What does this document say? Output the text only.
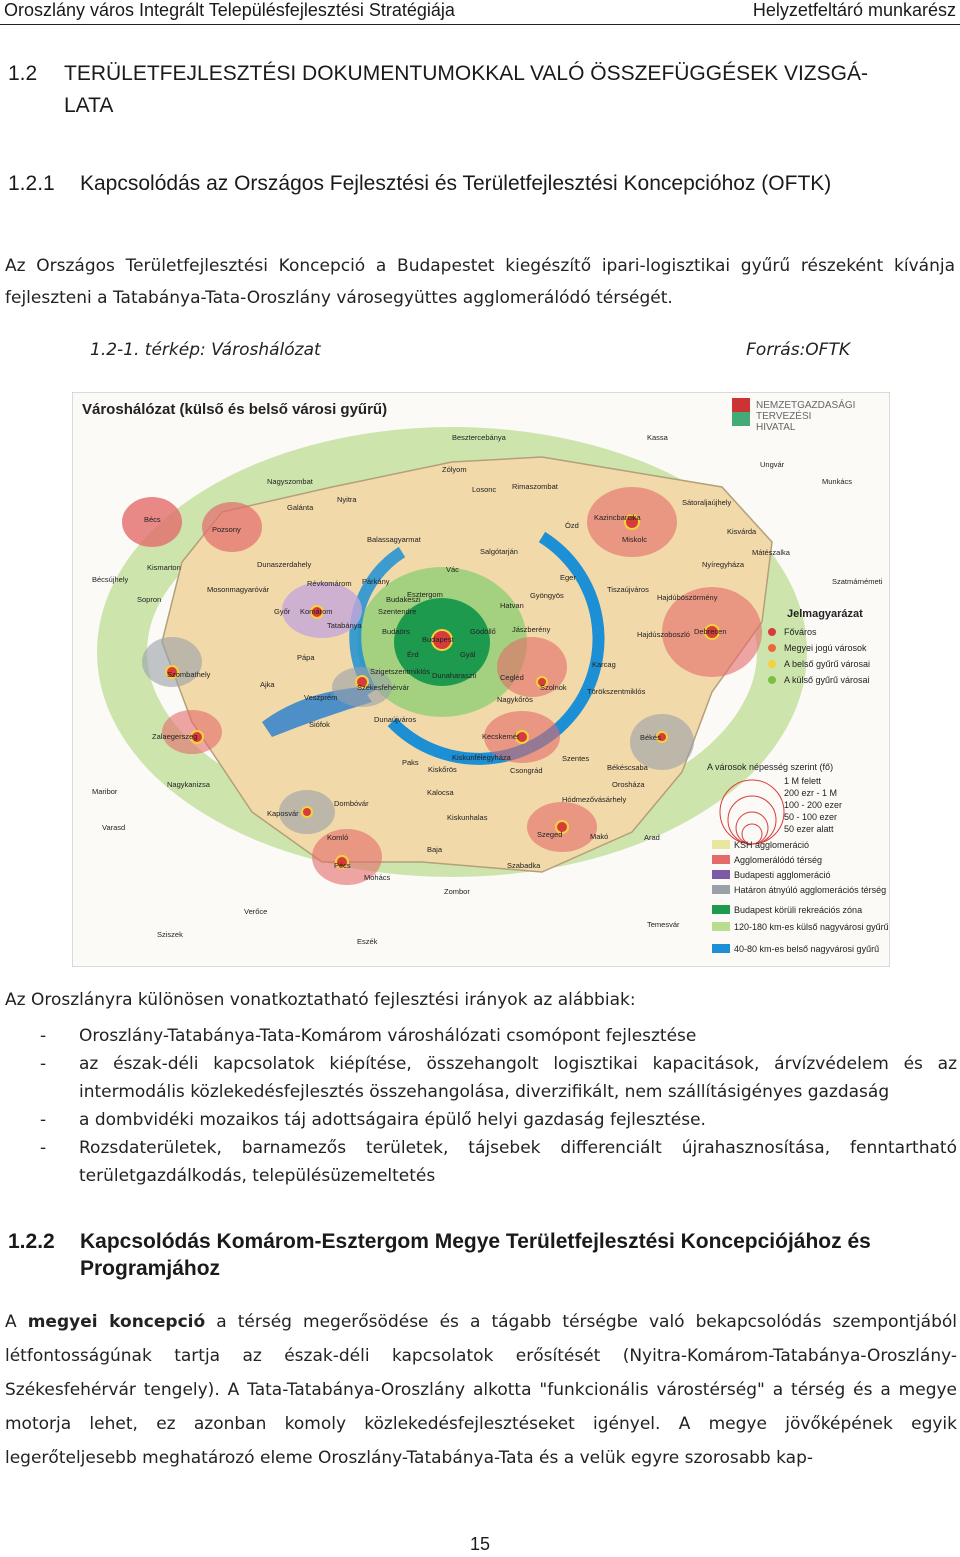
Oroszlány város Integrált Településfejlesztési Stratégiája	Helyzetfeltáró munkarész
1.2 TERÜLETFEJLESZTÉSI DOKUMENTUMOKKAL VALÓ ÖSSZEFÜGGÉSEK VIZSGÁ-
LATA
1.2.1 Kapcsolódás az Országos Fejlesztési és Területfejlesztési Koncepcióhoz (OFTK)
Az Országos Területfejlesztési Koncepció a Budapestet kiegészítő ipari-logisztikai gyűrű részeként kívánja fejleszteni a Tatabánya-Tata-Oroszlány városegyüttes agglomerálódó térségét.
1.2-1. térkép: Városhálózat	Forrás:OFTK
Városhálózat (külső és belső városi gyűrű)	NEMZETGAZDASÁGI
TERVEZÉSI
HIVATAL
Jelmagyarázat
Főváros
Megyei jogú városok
A belső gyűrű városai
A külső gyűrű városai
A városok népesség szerint (fő)
1 M felett
200 ezr - 1 M
100 - 200 ezer
50 - 100 ezer
50 ezer alatt
KSH agglomeráció
Agglomerálódó térség
Budapesti agglomeráció
Határon átnyúló agglomerációs térség
Budapest körüli rekreációs zóna
120-180 km-es külső nagyvárosi gyűrű
40-80 km-es belső nagyvárosi gyűrű
Besztercebánya	Kassa
Zólyom
Ungvár
Munkács
Nagyszombat
Nyitra
Losonc Rimaszombat
Sátoraljaújhely
Bécs
Pozsony
Galánta
Balassagyarmat
Ózd
Kazincbarcika
Miskolc
Kisvárda
Mátészalka
Bécsújhely
Kismarton	Dunaszerdahely
Salgótarján
Eger
Nyíregyháza
Szatmárnémeti
Sopron
Mosonmagyaróvár
Révkomárom Párkány
Vác
Gyöngyös
Tiszaújváros
Hajdúböszörmény
Esztergom
Győr Komárom
Tatabánya
Szentendre
Hatvan
Budakeszi
Debrecen
Pápa
Budaörs
Budapest
Gödöllő Jászberény
Hajdúszoboszló
Szombathely
Érd	Gyál
Ajka
Veszprém
Székesfehérvár
Szigetszentmiklós Dunaharaszti	Cegléd
Szolnok
Karcag
Nagykőrös
Törökszentmiklós
Dunaújváros
Zalaegerszeg
Siófok
Kecskemét	Békés
Paks
Kiskunfélegyháza	Szentes
Békéscsaba
Kiskőrös	Csongrád
Orosháza
Maribor
Nagykanizsa
Kalocsa
Hódmezővásárhely
Kiskunhalas
Dombóvár
Kaposvár
Varasd
Komló	Szeged	Makó	Arad
Baja
Pécs	Szabadka
Mohács
Zombor
Verőce
Temesvár
Sziszek
Eszék
Az Oroszlányra különösen vonatkoztatható fejlesztési irányok az alábbiak:
- Oroszlány-Tatabánya-Tata-Komárom városhálózati csomópont fejlesztése
- az észak-déli kapcsolatok kiépítése, összehangolt logisztikai kapacitások, árvízvédelem és az intermodális közlekedésfejlesztés összehangolása, diverzifikált, nem szállításigényes gazdaság
- a dombvidéki mozaikos táj adottságaira épülő helyi gazdaság fejlesztése.
- Rozsdaterületek, barnamezős területek, tájsebek differenciált újrahasznosítása, fenntartható területgazdálkodás, településüzemeltetés
1.2.2 Kapcsolódás Komárom-Esztergom Megye Területfejlesztési Koncepciójához és Programjához
A megyei koncepció a térség megerősödése és a tágabb térségbe való bekapcsolódás szempontjából létfontosságúnak tartja az észak-déli kapcsolatok erősítését (Nyitra-Komárom-Tatabánya-Oroszlány-Székesfehérvár tengely). A Tata-Tatabánya-Oroszlány alkotta "funkcionális várostérség" a térség és a megye motorja lehet, ez azonban komoly közlekedésfejlesztéseket igényel. A megye jövőképének egyik legerőteljesebb meghatározó eleme Oroszlány-Tatabánya-Tata és a velük egyre szorosabb kap-
15
